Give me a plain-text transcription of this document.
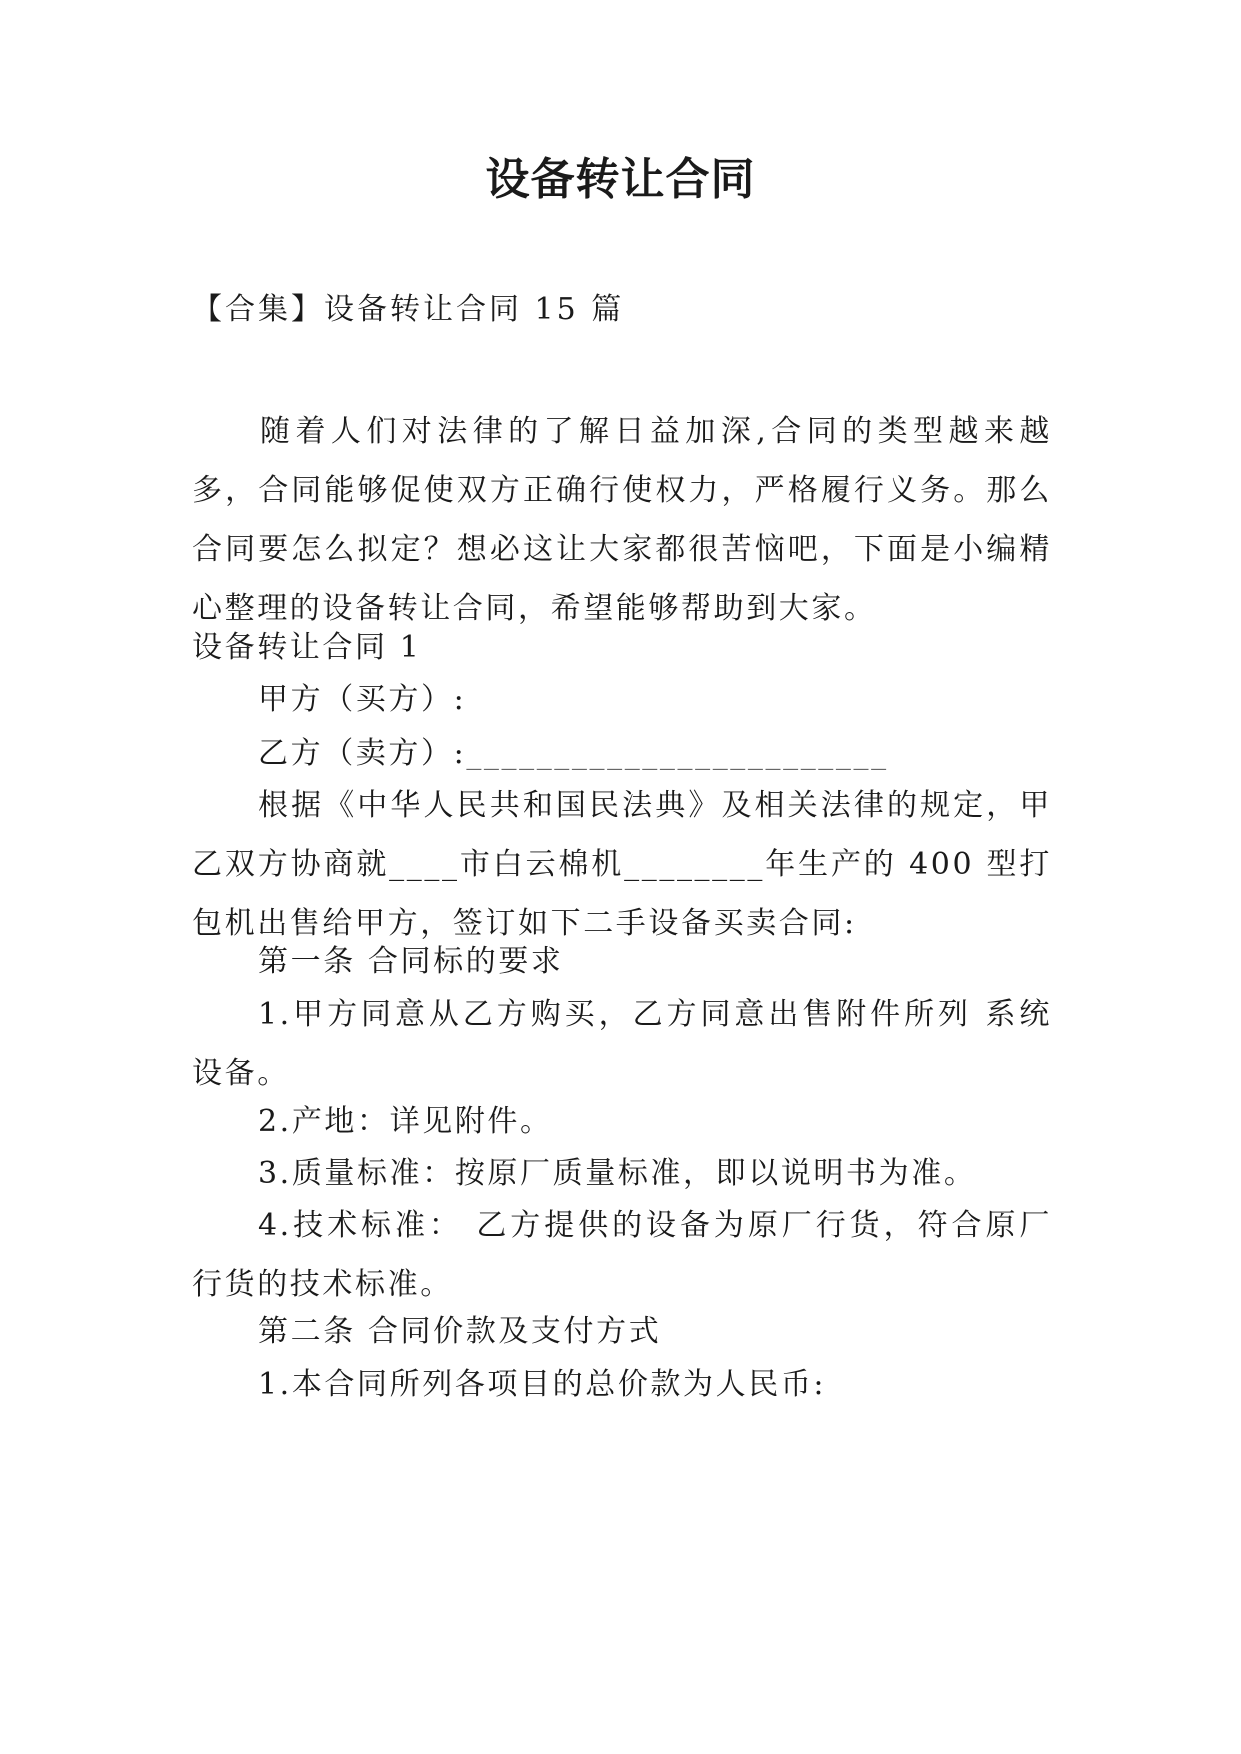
设备转让合同
【合集】设备转让合同 15 篇

随着人们对法律的了解日益加深,合同的类型越来越多，合同能够促使双方正确行使权力，严格履行义务。那么合同要怎么拟定？想必这让大家都很苦恼吧，下面是小编精心整理的设备转让合同，希望能够帮助到大家。

设备转让合同 1
甲方（买方）:
乙方（卖方）:________________________

根据《中华人民共和国民法典》及相关法律的规定，甲乙双方协商就____市白云棉机________年生产的 400 型打包机出售给甲方，签订如下二手设备买卖合同:

第一条 合同标的要求

1.甲方同意从乙方购买，乙方同意出售附件所列 系统设备。

2.产地：详见附件。
3.质量标准：按原厂质量标准，即以说明书为准。

4.技术标准： 乙方提供的设备为原厂行货，符合原厂行货的技术标准。

第二条 合同价款及支付方式
1.本合同所列各项目的总价款为人民币:
